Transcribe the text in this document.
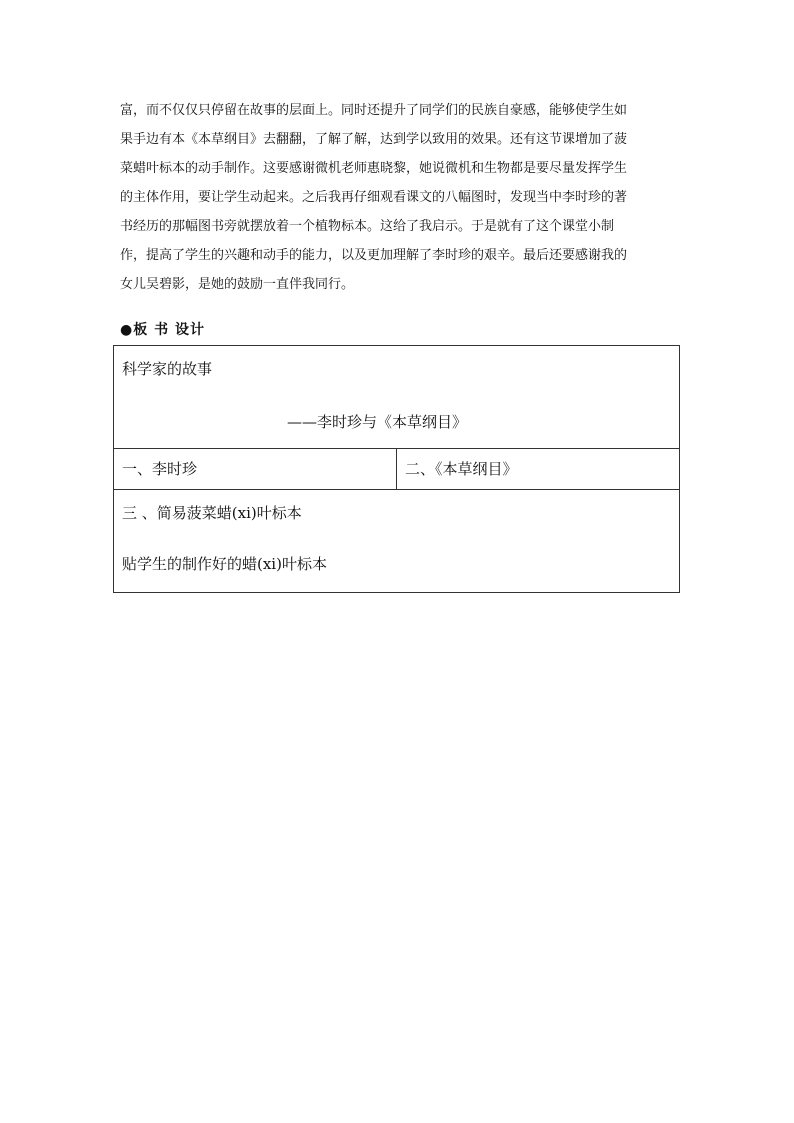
富，而不仅仅只停留在故事的层面上。同时还提升了同学们的民族自豪感，能够使学生如
果手边有本《本草纲目》去翻翻，了解了解，达到学以致用的效果。还有这节课增加了菠
菜蜡叶标本的动手制作。这要感谢微机老师惠晓黎，她说微机和生物都是要尽量发挥学生
的主体作用，要让学生动起来。之后我再仔细观看课文的八幅图时，发现当中李时珍的著
书经历的那幅图书旁就摆放着一个植物标本。这给了我启示。于是就有了这个课堂小制
作，提高了学生的兴趣和动手的能力，以及更加理解了李时珍的艰辛。最后还要感谢我的
女儿吴碧影，是她的鼓励一直伴我同行。
●板 书 设计
科学家的故事
——李时珍与《本草纲目》

一、李时珍	二、《本草纲目》

三 、简易菠菜蜡(xi)叶标本
贴学生的制作好的蜡(xi)叶标本
